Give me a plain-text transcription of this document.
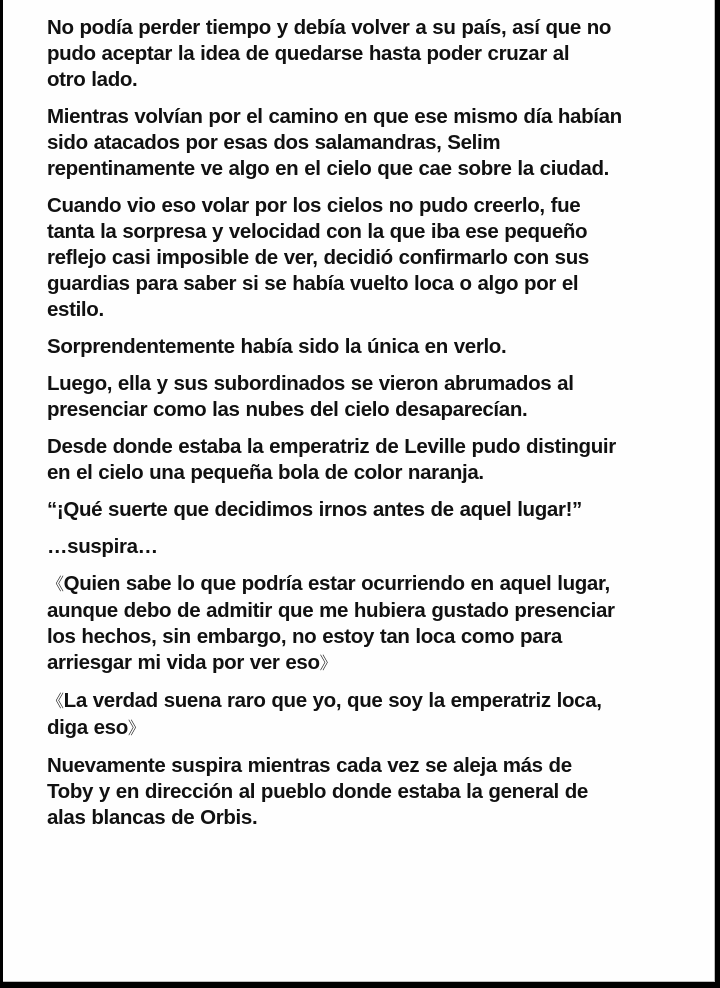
No podía perder tiempo y debía volver a su país, así que no
pudo aceptar la idea de quedarse hasta poder cruzar al
otro lado.

Mientras volvían por el camino en que ese mismo día habían
sido atacados por esas dos salamandras, Selim
repentinamente ve algo en el cielo que cae sobre la ciudad.

Cuando vio eso volar por los cielos no pudo creerlo, fue
tanta la sorpresa y velocidad con la que iba ese pequeño
reflejo casi imposible de ver, decidió confirmarlo con sus
guardias para saber si se había vuelto loca o algo por el
estilo.

Sorprendentemente había sido la única en verlo.

Luego, ella y sus subordinados se vieron abrumados al
presenciar como las nubes del cielo desaparecían.

Desde donde estaba la emperatriz de Leville pudo distinguir
en el cielo una pequeña bola de color naranja.

“¡Qué suerte que decidimos irnos antes de aquel lugar!”

…suspira…

《Quien sabe lo que podría estar ocurriendo en aquel lugar,
aunque debo de admitir que me hubiera gustado presenciar
los hechos, sin embargo, no estoy tan loca como para
arriesgar mi vida por ver eso》

《La verdad suena raro que yo, que soy la emperatriz loca,
diga eso》

Nuevamente suspira mientras cada vez se aleja más de
Toby y en dirección al pueblo donde estaba la general de
alas blancas de Orbis.
